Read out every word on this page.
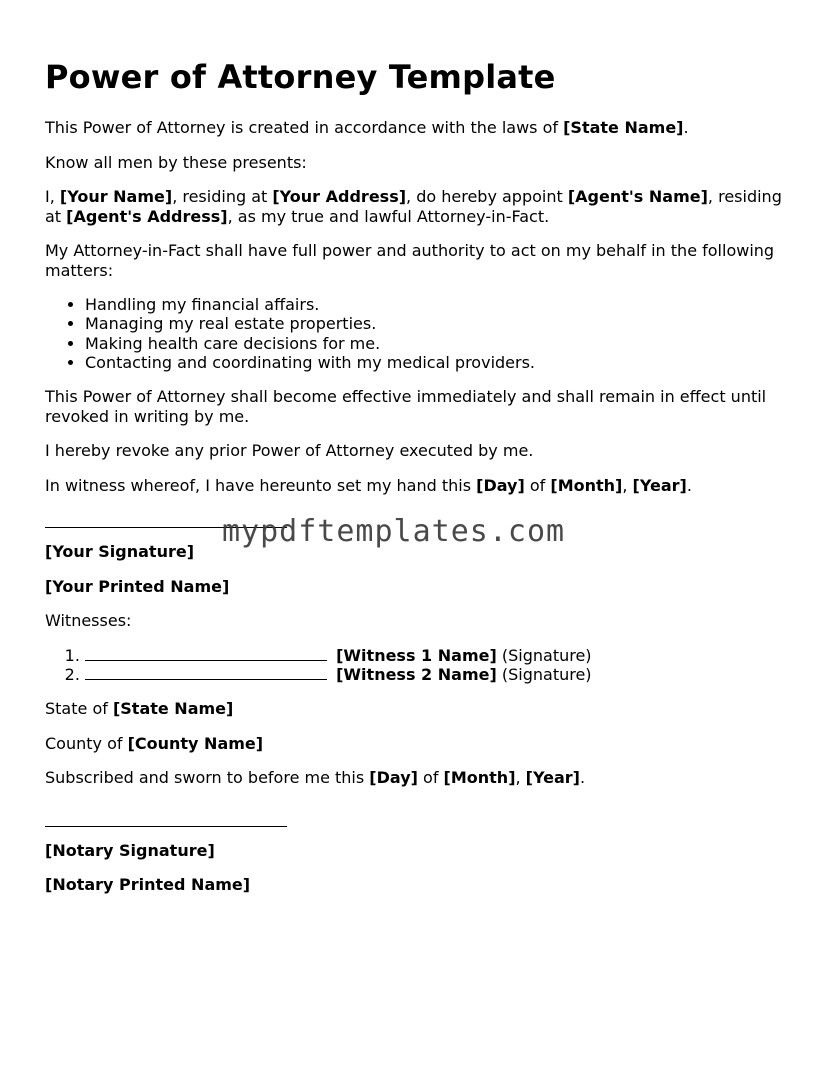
Power of Attorney Template

This Power of Attorney is created in accordance with the laws of [State Name].

Know all men by these presents:

I, [Your Name], residing at [Your Address], do hereby appoint [Agent's Name], residing at [Agent's Address], as my true and lawful Attorney-in-Fact.

My Attorney-in-Fact shall have full power and authority to act on my behalf in the following matters:

• Handling my financial affairs.
• Managing my real estate properties.
• Making health care decisions for me.
• Contacting and coordinating with my medical providers.

This Power of Attorney shall become effective immediately and shall remain in effect until revoked in writing by me.

I hereby revoke any prior Power of Attorney executed by me.

In witness whereof, I have hereunto set my hand this [Day] of [Month], [Year].

[Your Signature]

[Your Printed Name]

Witnesses:

1. [Witness 1 Name] (Signature)
2. [Witness 2 Name] (Signature)

State of [State Name]

County of [County Name]

Subscribed and sworn to before me this [Day] of [Month], [Year].

[Notary Signature]

[Notary Printed Name]

mypdftemplates.com
